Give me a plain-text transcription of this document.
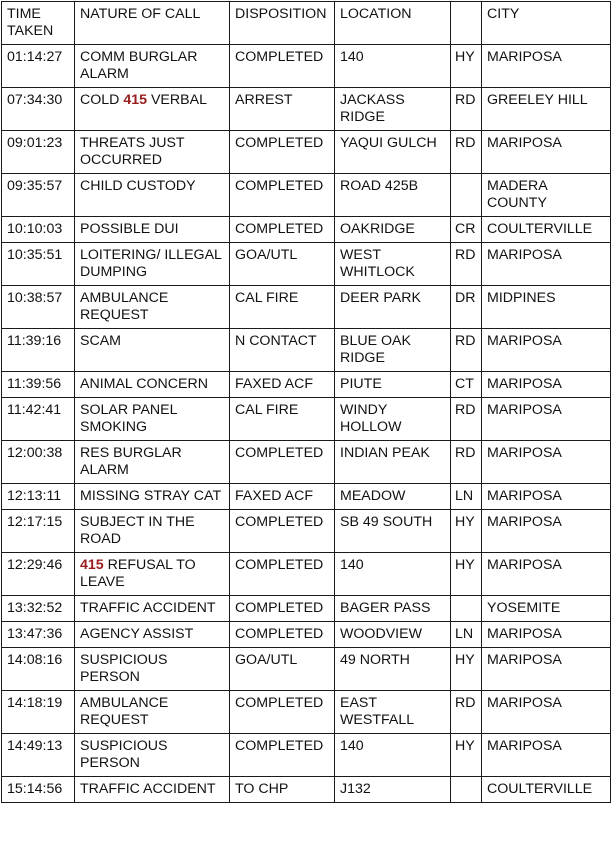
TIME TAKEN	NATURE OF CALL	DISPOSITION	LOCATION		CITY
01:14:27	COMM BURGLAR ALARM	COMPLETED	140	HY	MARIPOSA
07:34:30	COLD 415 VERBAL	ARREST	JACKASS RIDGE	RD	GREELEY HILL
09:01:23	THREATS JUST OCCURRED	COMPLETED	YAQUI GULCH	RD	MARIPOSA
09:35:57	CHILD CUSTODY	COMPLETED	ROAD 425B		MADERA COUNTY
10:10:03	POSSIBLE DUI	COMPLETED	OAKRIDGE	CR	COULTERVILLE
10:35:51	LOITERING/ ILLEGAL DUMPING	GOA/UTL	WEST WHITLOCK	RD	MARIPOSA
10:38:57	AMBULANCE REQUEST	CAL FIRE	DEER PARK	DR	MIDPINES
11:39:16	SCAM	N CONTACT	BLUE OAK RIDGE	RD	MARIPOSA
11:39:56	ANIMAL CONCERN	FAXED ACF	PIUTE	CT	MARIPOSA
11:42:41	SOLAR PANEL SMOKING	CAL FIRE	WINDY HOLLOW	RD	MARIPOSA
12:00:38	RES BURGLAR ALARM	COMPLETED	INDIAN PEAK	RD	MARIPOSA
12:13:11	MISSING STRAY CAT	FAXED ACF	MEADOW	LN	MARIPOSA
12:17:15	SUBJECT IN THE ROAD	COMPLETED	SB 49 SOUTH	HY	MARIPOSA
12:29:46	415 REFUSAL TO LEAVE	COMPLETED	140	HY	MARIPOSA
13:32:52	TRAFFIC ACCIDENT	COMPLETED	BAGER PASS		YOSEMITE
13:47:36	AGENCY ASSIST	COMPLETED	WOODVIEW	LN	MARIPOSA
14:08:16	SUSPICIOUS PERSON	GOA/UTL	49 NORTH	HY	MARIPOSA
14:18:19	AMBULANCE REQUEST	COMPLETED	EAST WESTFALL	RD	MARIPOSA
14:49:13	SUSPICIOUS PERSON	COMPLETED	140	HY	MARIPOSA
15:14:56	TRAFFIC ACCIDENT	TO CHP	J132		COULTERVILLE
